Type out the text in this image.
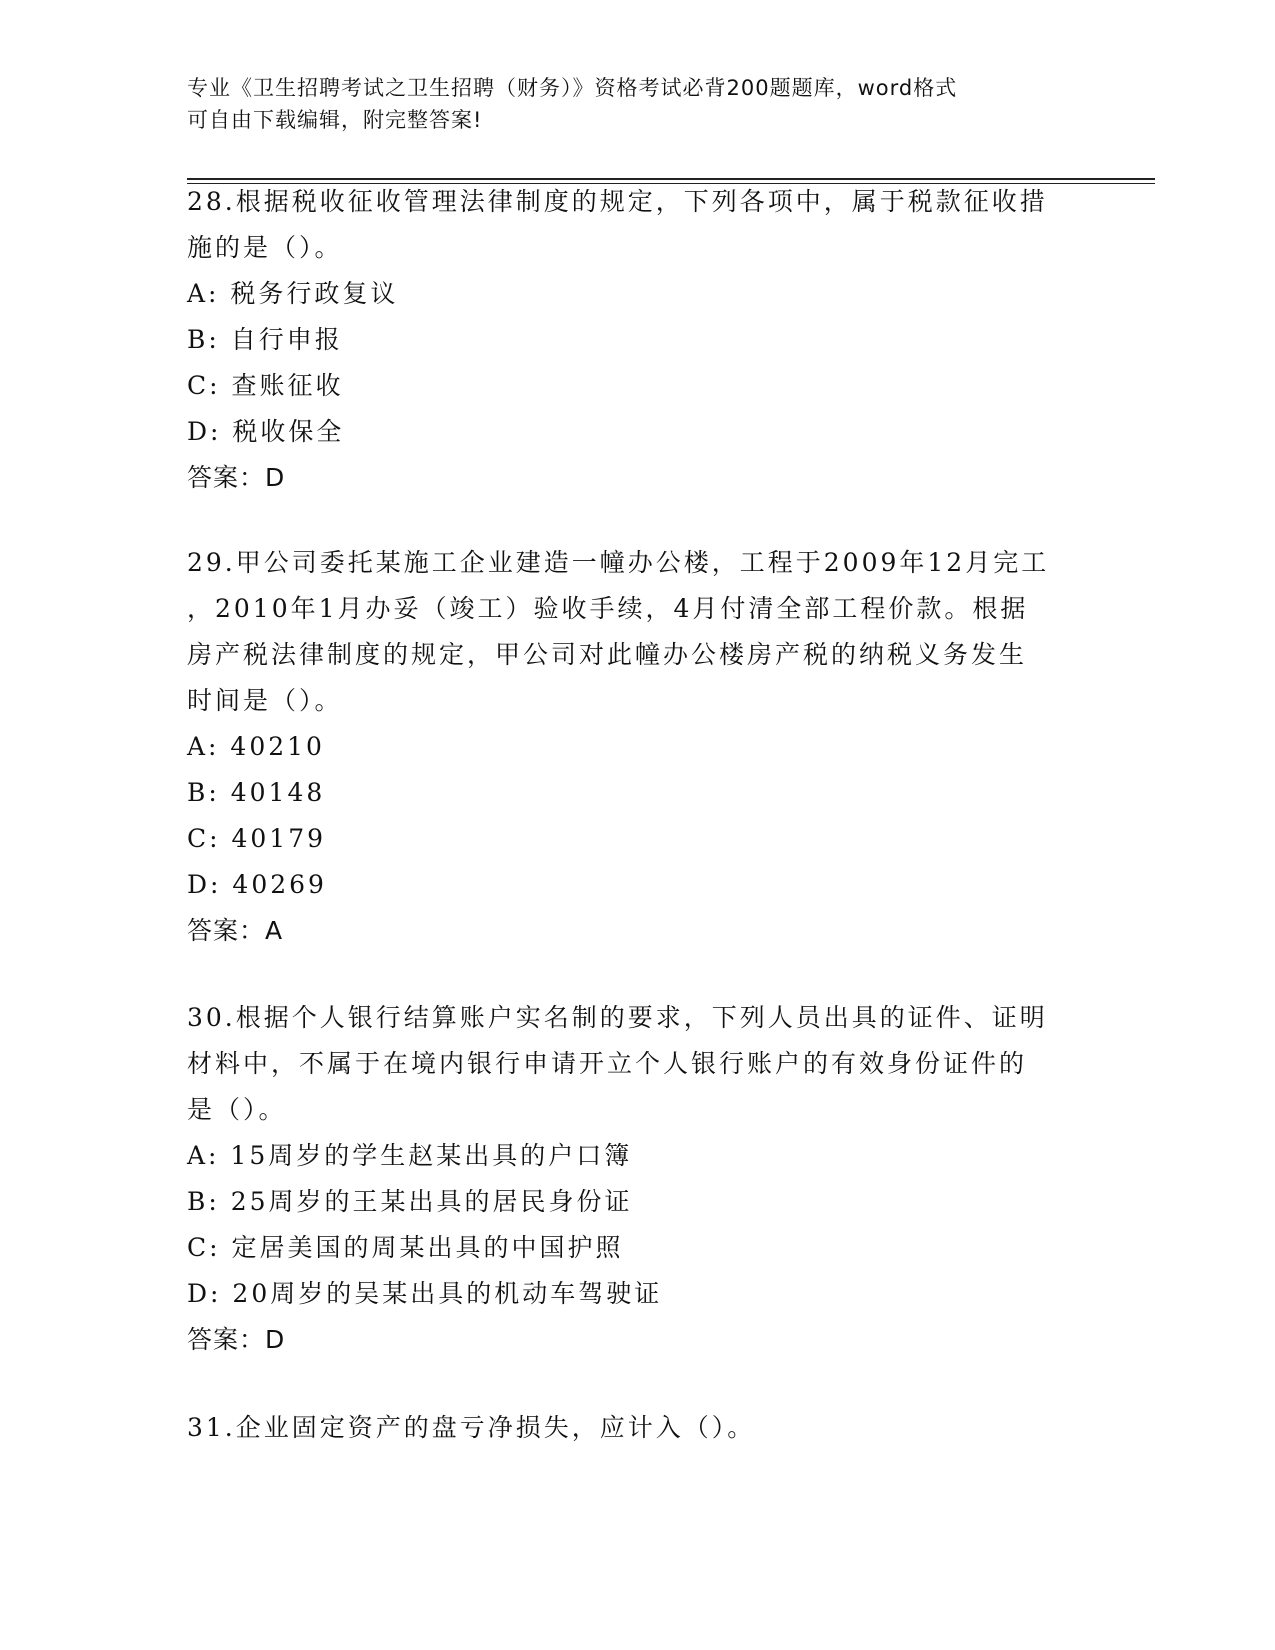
专业《卫生招聘考试之卫生招聘（财务）》资格考试必背200题题库，word格式
可自由下载编辑，附完整答案!
28.根据税收征收管理法律制度的规定，下列各项中，属于税款征收措
施的是（）。
A: 税务行政复议
B: 自行申报
C: 查账征收
D: 税收保全
答案：D
29.甲公司委托某施工企业建造一幢办公楼，工程于2009年12月完工
，2010年1月办妥（竣工）验收手续，4月付清全部工程价款。根据
房产税法律制度的规定，甲公司对此幢办公楼房产税的纳税义务发生
时间是（）。
A: 40210
B: 40148
C: 40179
D: 40269
答案：A
30.根据个人银行结算账户实名制的要求，下列人员出具的证件、证明
材料中，不属于在境内银行申请开立个人银行账户的有效身份证件的
是（）。
A: 15周岁的学生赵某出具的户口簿
B: 25周岁的王某出具的居民身份证
C: 定居美国的周某出具的中国护照
D: 20周岁的吴某出具的机动车驾驶证
答案：D
31.企业固定资产的盘亏净损失，应计入（）。
